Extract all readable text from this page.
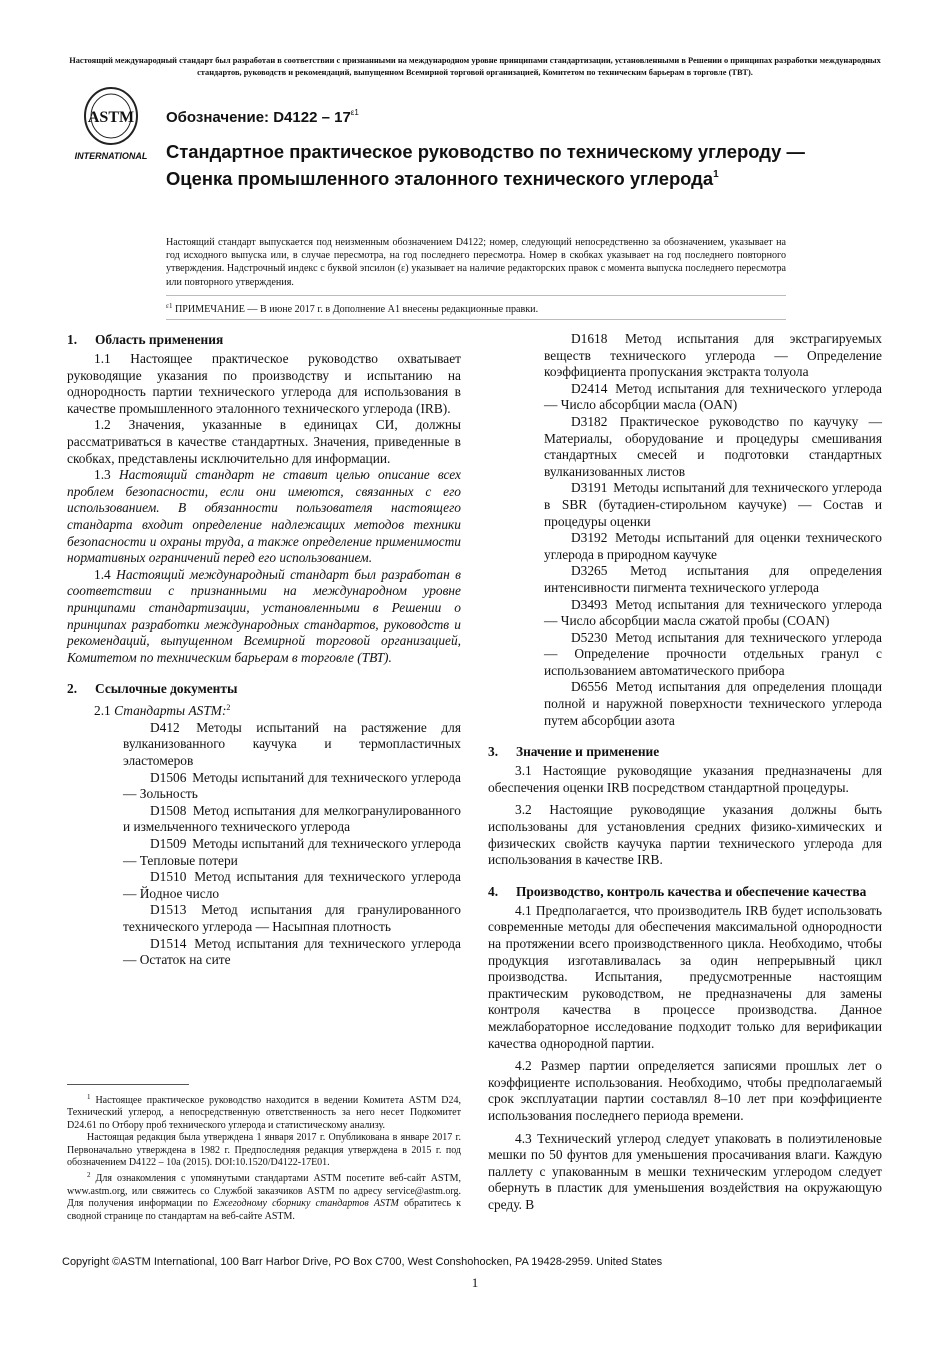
Настоящий международный стандарт был разработан в соответствии с признанными на международном уровне принципами стандартизации, установленными в Решении о принципах разработки международных стандартов, руководств и рекомендаций, выпущенном Всемирной торговой организацией, Комитетом по техническим барьерам в торговле (ТВТ).
ASTM
INTERNATIONAL
Обозначение: $D4122 - 17^{\varepsilon 1}$
Стандартное практическое руководство по техническому углероду — Оценка промышленного эталонного технического углерода$^1$
Настоящий стандарт выпускается под неизменным обозначением D4122; номер, следующий непосредственно за обозначением, указывает на год исходного выпуска или, в случае пересмотра, на год последнего пересмотра. Номер в скобках указывает на год последнего повторного утверждения. Надстрочный индекс с буквой эпсилон (ε) указывает на наличие редакторских правок с момента выпуска последнего пересмотра или повторного утверждения.
$^{\varepsilon 1}$ ПРИМЕЧАНИЕ — В июне 2017 г. в Дополнение A1 внесены редакционные правки.
1. Область применения

1.1 Настоящее практическое руководство охватывает руководящие указания по производству и испытанию на однородность партии технического углерода для использования в качестве промышленного эталонного технического углерода (IRB).

1.2 Значения, указанные в единицах СИ, должны рассматриваться в качестве стандартных. Значения, приведенные в скобках, представлены исключительно для информации.

1.3 Настоящий стандарт не ставит целью описание всех проблем безопасности, если они имеются, связанных с его использованием. В обязанности пользователя настоящего стандарта входит определение надлежащих методов техники безопасности и охраны труда, а также определение применимости нормативных ограничений перед его использованием.

1.4 Настоящий международный стандарт был разработан в соответствии с признанными на международном уровне принципами стандартизации, установленными в Решении о принципах разработки международных стандартов, руководств и рекомендаций, выпущенном Всемирной торговой организацией, Комитетом по техническим барьерам в торговле (ТВТ).

2. Ссылочные документы

2.1 Стандарты ASTM:$^2$

D412 Методы испытаний на растяжение для вулканизованного каучука и термопластичных эластомеров

D1506 Методы испытаний для технического углерода — Зольность

D1508 Метод испытания для мелкогранулированного и измельченного технического углерода

D1509 Методы испытаний для технического углерода — Тепловые потери

D1510 Метод испытания для технического углерода — Йодное число

D1513 Метод испытания для гранулированного технического углерода — Насыпная плотность

D1514 Метод испытания для технического углерода — Остаток на сите

D1618 Метод испытания для экстрагируемых веществ технического углерода — Определение коэффициента пропускания экстракта толуола

D2414 Метод испытания для технического углерода — Число абсорбции масла (OAN)

D3182 Практическое руководство по каучуку — Материалы, оборудование и процедуры смешивания стандартных смесей и подготовки стандартных вулканизованных листов

D3191 Методы испытаний для технического углерода в SBR (бутадиен-стирольном каучуке) — Состав и процедуры оценки

D3192 Методы испытаний для оценки технического углерода в природном каучуке

D3265 Метод испытания для определения интенсивности пигмента технического углерода

D3493 Метод испытания для технического углерода — Число абсорбции масла сжатой пробы (COAN)

D5230 Метод испытания для технического углерода — Определение прочности отдельных гранул с использованием автоматического прибора

D6556 Метод испытания для определения площади полной и наружной поверхности технического углерода путем абсорбции азота

3. Значение и применение

3.1 Настоящие руководящие указания предназначены для обеспечения оценки IRB посредством стандартной процедуры.

3.2 Настоящие руководящие указания должны быть использованы для установления средних физико-химических и физических свойств каучука партии технического углерода для использования в качестве IRB.

4. Производство, контроль качества и обеспечение качества

4.1 Предполагается, что производитель IRB будет использовать современные методы для обеспечения максимальной однородности на протяжении всего производственного цикла. Необходимо, чтобы продукция изготавливалась за один непрерывный цикл производства. Испытания, предусмотренные настоящим практическим руководством, не предназначены для замены контроля качества в процессе производства. Данное межлабораторное исследование подходит только для верификации качества однородной партии.

4.2 Размер партии определяется записями прошлых лет о коэффициенте использования. Необходимо, чтобы предполагаемый срок эксплуатации партии составлял 8–10 лет при коэффициенте использования последнего периода времени.

4.3 Технический углерод следует упаковать в полиэтиленовые мешки по 50 фунтов для уменьшения просачивания влаги. Каждую паллету с упакованным в мешки техническим углеродом следует обернуть в пластик для уменьшения воздействия на окружающую среду. В

$^1$ Настоящее практическое руководство находится в ведении Комитета ASTM D24, Технический углерод, а непосредственную ответственность за него несет Подкомитет D24.61 по Отбору проб технического углерода и статистическому анализу.

Настоящая редакция была утверждена 1 января 2017 г. Опубликована в январе 2017 г. Первоначально утверждена в 1982 г. Предпоследняя редакция утверждена в 2015 г. под обозначением D4122 – 10a (2015). DOI:10.1520/D4122-17E01.

$^2$ Для ознакомления с упомянутыми стандартами ASTM посетите веб-сайт ASTM, www.astm.org, или свяжитесь со Службой заказчиков ASTM по адресу service@astm.org. Для получения информации по Ежегодному сборнику стандартов ASTM обратитесь к сводной странице по стандартам на веб-сайте ASTM.

Copyright ©ASTM International, 100 Barr Harbor Drive, PO Box C700, West Conshohocken, PA 19428-2959. United States
1
